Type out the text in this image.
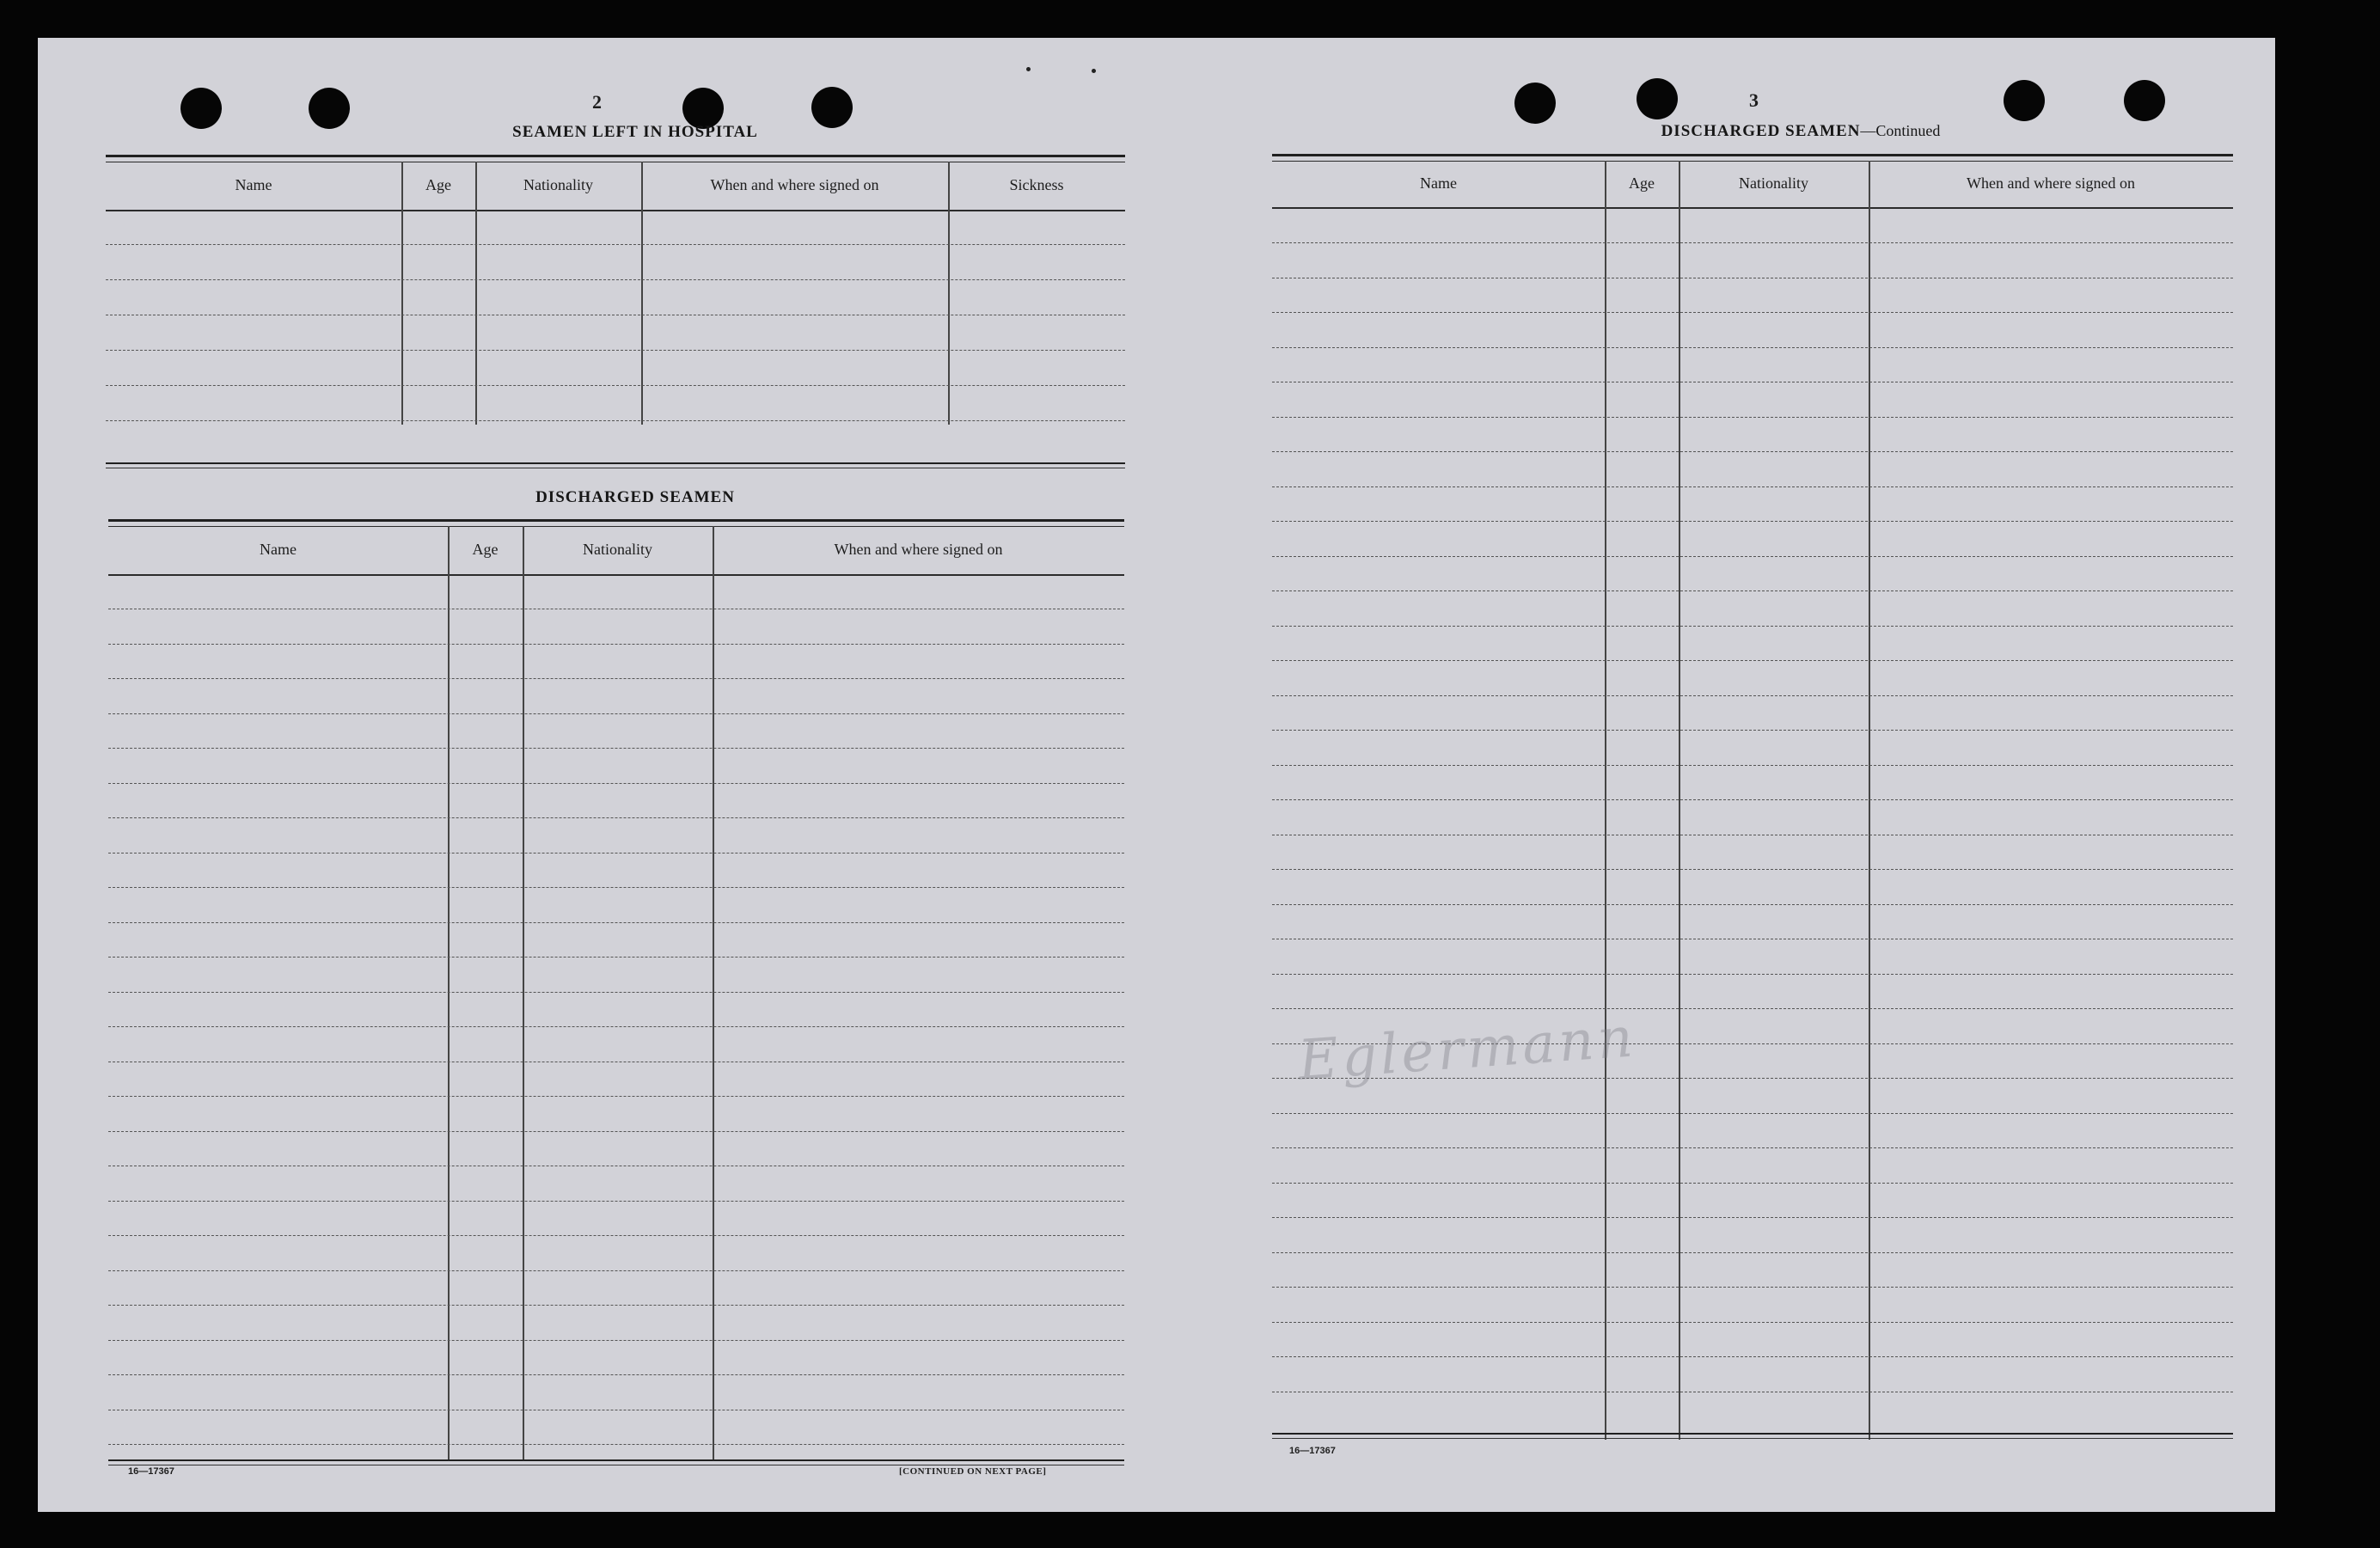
2
SEAMEN LEFT IN HOSPITAL
Name	Age	Nationality	When and where signed on	Sickness
DISCHARGED SEAMEN
Name	Age	Nationality	When and where signed on
16—17367	[CONTINUED ON NEXT PAGE]
3
DISCHARGED SEAMEN—Continued
Name	Age	Nationality	When and where signed on
Eglermann
16—17367
